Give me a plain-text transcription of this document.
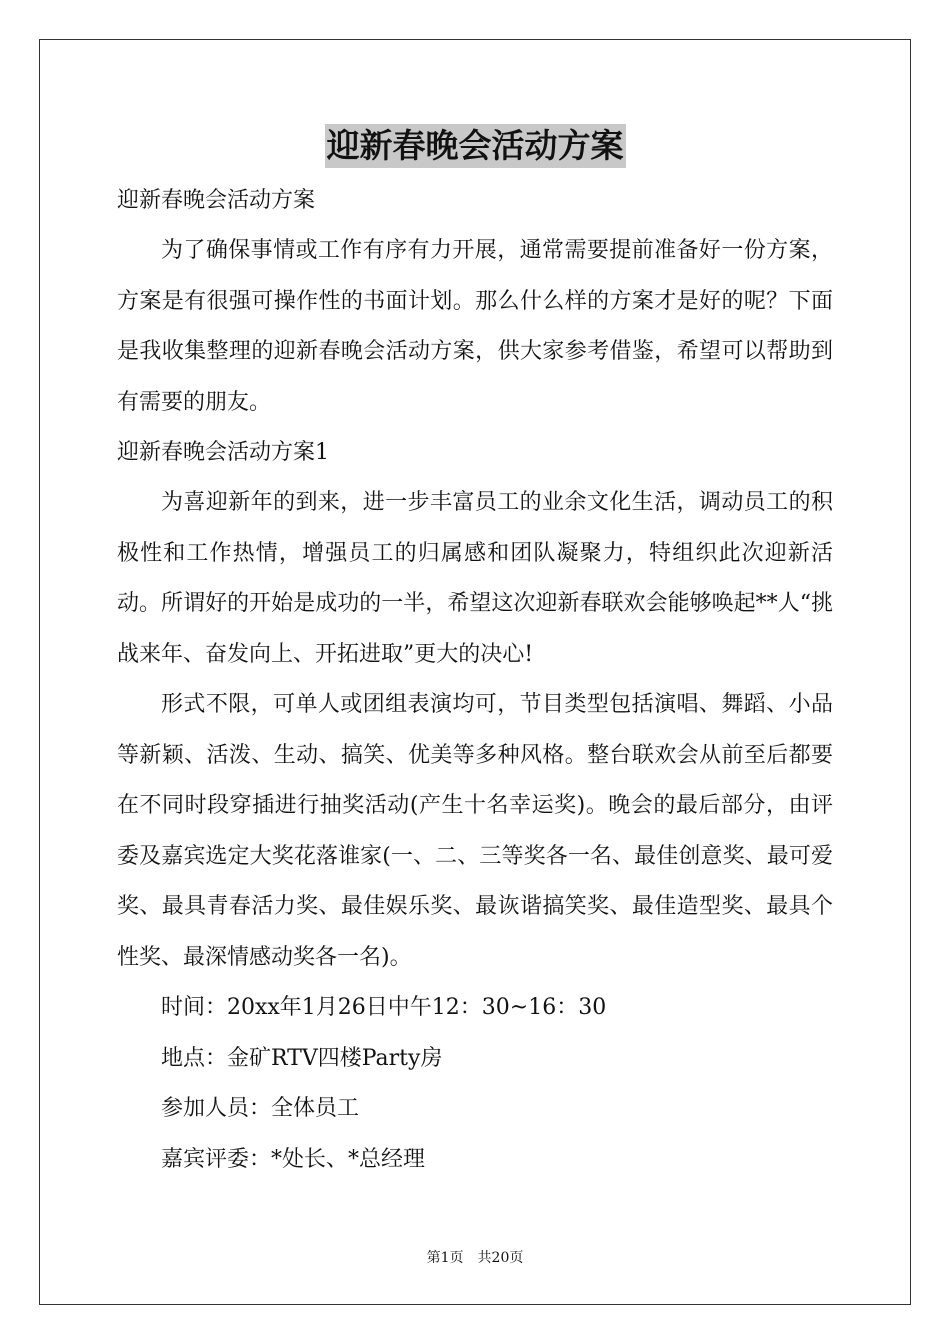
迎新春晚会活动方案

迎新春晚会活动方案

为了确保事情或工作有序有力开展，通常需要提前准备好一份方案，方案是有很强可操作性的书面计划。那么什么样的方案才是好的呢？下面是我收集整理的迎新春晚会活动方案，供大家参考借鉴，希望可以帮助到有需要的朋友。

迎新春晚会活动方案1

为喜迎新年的到来，进一步丰富员工的业余文化生活，调动员工的积极性和工作热情，增强员工的归属感和团队凝聚力，特组织此次迎新活动。所谓好的开始是成功的一半，希望这次迎新春联欢会能够唤起**人“挑战来年、奋发向上、开拓进取”更大的决心!

形式不限，可单人或团组表演均可，节目类型包括演唱、舞蹈、小品等新颖、活泼、生动、搞笑、优美等多种风格。整台联欢会从前至后都要在不同时段穿插进行抽奖活动(产生十名幸运奖)。晚会的最后部分，由评委及嘉宾选定大奖花落谁家(一、二、三等奖各一名、最佳创意奖、最可爱奖、最具青春活力奖、最佳娱乐奖、最诙谐搞笑奖、最佳造型奖、最具个性奖、最深情感动奖各一名)。

时间：20xx年1月26日中午12：30~16：30

地点：金矿RTV四楼Party房

参加人员：全体员工

嘉宾评委：*处长、*总经理

第1页　共20页
